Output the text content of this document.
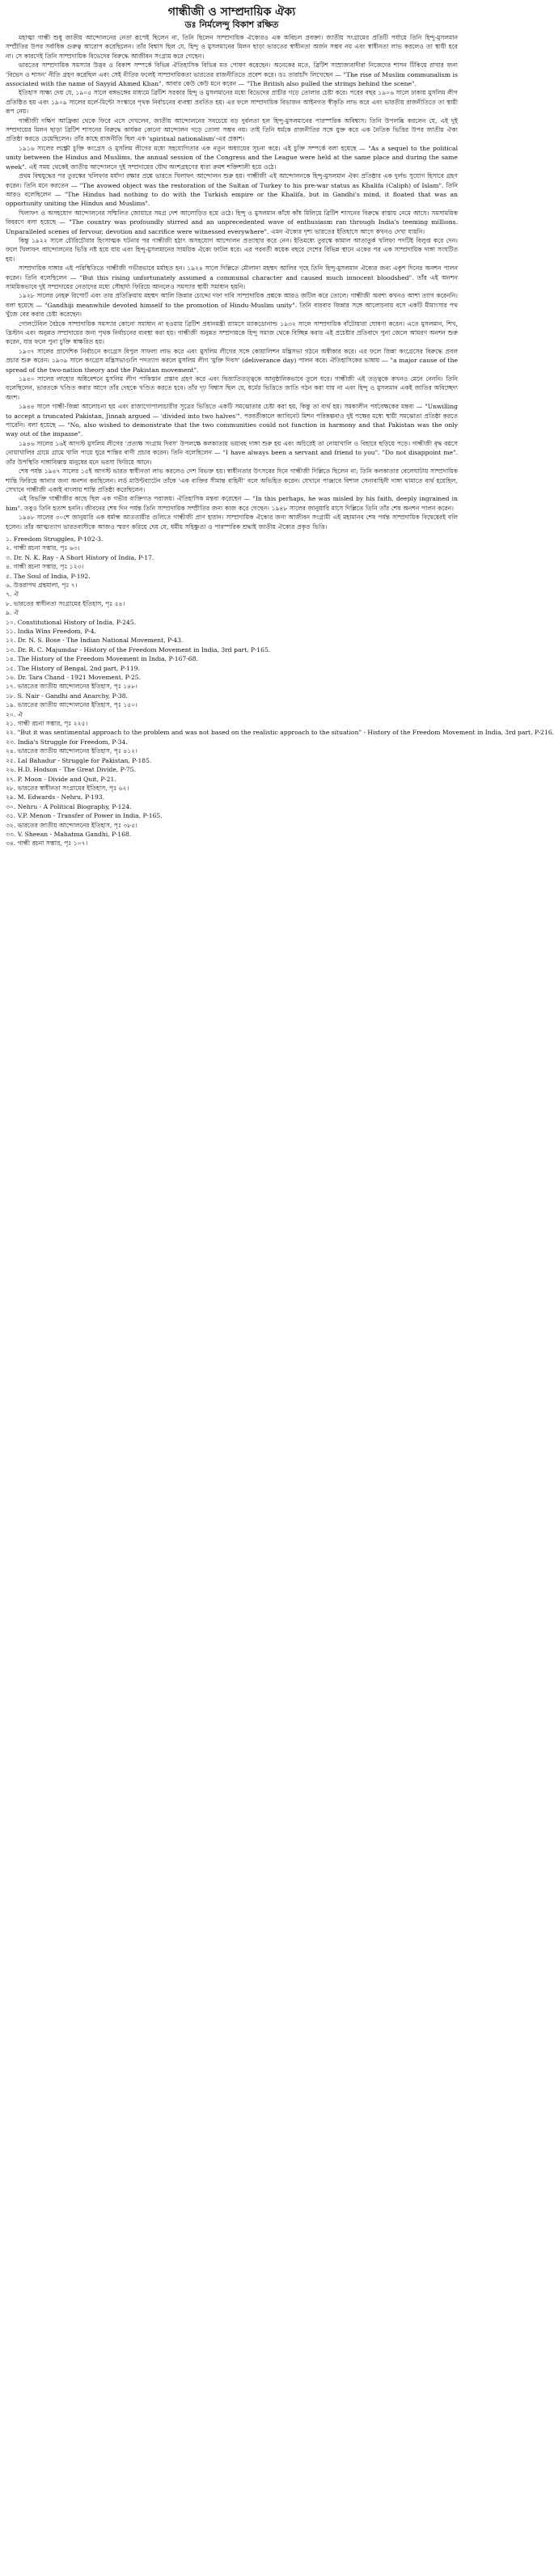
গান্ধীজী ও সাম্প্রদায়িক ঐক্য
ডঃ নির্মলেন্দু বিকাশ রক্ষিত

মহাত্মা গান্ধী শুধু জাতীয় আন্দোলনের নেতা রূপেই ছিলেন না, তিনি ছিলেন সাম্প্রদায়িক ঐক্যেরও এক অবিচল প্রবক্তা। জাতীয় সংগ্রামের প্রতিটি পর্যায়ে তিনি হিন্দু-মুসলমান সম্প্রীতির উপর সর্বাধিক গুরুত্ব আরোপ করেছিলেন। তাঁর বিশ্বাস ছিল যে, হিন্দু ও মুসলমানের মিলন ছাড়া ভারতের স্বাধীনতা অর্জন সম্ভব নয় এবং স্বাধীনতা লাভ করলেও তা স্থায়ী হবে না। সে কারণেই তিনি সাম্প্রদায়িক বিভেদের বিরুদ্ধে আজীবন সংগ্রাম করে গেছেন।

ভারতের সাম্প্রদায়িক সমস্যার উদ্ভব ও বিকাশ সম্পর্কে বিভিন্ন ঐতিহাসিক বিভিন্ন মত পোষণ করেছেন। অনেকের মতে, ব্রিটিশ সাম্রাজ্যবাদীরা নিজেদের শাসন টিকিয়ে রাখার জন্য 'বিভেদ ও শাসন' নীতি গ্রহণ করেছিল এবং সেই নীতির ফলেই সাম্প্রদায়িকতা ভারতের রাজনীতিতে প্রবেশ করে। ডঃ তারাচাঁদ লিখেছেন — "The rise of Muslim communalism is associated with the name of Sayyid Ahmed Khan". আবার কেউ কেউ মনে করেন — "The British also pulled the strings behind the scene".

ইতিহাস সাক্ষ্য দেয় যে, ১৯০৫ সালে বঙ্গভঙ্গের মাধ্যমে ব্রিটিশ সরকার হিন্দু ও মুসলমানের মধ্যে বিভেদের প্রাচীর গড়ে তোলার চেষ্টা করে। পরের বছর ১৯০৬ সালে ঢাকায় মুসলিম লীগ প্রতিষ্ঠিত হয় এবং ১৯০৯ সালের মর্লে-মিন্টো সংস্কারে পৃথক নির্বাচনের ব্যবস্থা প্রবর্তিত হয়। এর ফলে সাম্প্রদায়িক বিভাজন আইনগত স্বীকৃতি লাভ করে এবং ভারতীয় রাজনীতিতে তা স্থায়ী রূপ নেয়।

গান্ধীজী দক্ষিণ আফ্রিকা থেকে ফিরে এসে দেখলেন, জাতীয় আন্দোলনের সবচেয়ে বড় দুর্বলতা হল হিন্দু-মুসলমানের পারস্পরিক অবিশ্বাস। তিনি উপলব্ধি করলেন যে, এই দুই সম্প্রদায়ের মিলন ছাড়া ব্রিটিশ শাসনের বিরুদ্ধে কার্যকর কোনো আন্দোলন গড়ে তোলা সম্ভব নয়। তাই তিনি ধর্মকে রাজনীতির সঙ্গে যুক্ত করে এক নৈতিক ভিত্তির উপর জাতীয় ঐক্য প্রতিষ্ঠা করতে চেয়েছিলেন। তাঁর কাছে রাজনীতি ছিল এক 'spiritual nationalism'-এর প্রকাশ।

১৯১৬ সালের লক্ষ্ণৌ চুক্তি কংগ্রেস ও মুসলিম লীগের মধ্যে সহযোগিতার এক নতুন অধ্যায়ের সূচনা করে। এই চুক্তি সম্পর্কে বলা হয়েছে — "As a sequel to the political unity between the Hindus and Muslims, the annual session of the Congress and the League were held at the same place and during the same week". এই সময় থেকেই জাতীয় আন্দোলনে দুই সম্প্রদায়ের যৌথ অংশগ্রহণের ধারা ক্রমশ শক্তিশালী হয়ে ওঠে।

প্রথম বিশ্বযুদ্ধের পর তুরস্কের খলিফার মর্যাদা রক্ষার প্রশ্নে ভারতে খিলাফৎ আন্দোলন শুরু হয়। গান্ধীজী এই আন্দোলনকে হিন্দু-মুসলমান ঐক্য প্রতিষ্ঠার এক দুর্লভ সুযোগ হিসাবে গ্রহণ করেন। তিনি মনে করতেন — "The avowed object was the restoration of the Sultan of Turkey to his pre-war status as Khalifa (Caliph) of Islam". তিনি আরও বলেছিলেন — "The Hindus had nothing to do with the Turkish empire or the Khalifa, but in Gandhi's mind, it floated that was an opportunity uniting the Hindus and Muslims".

খিলাফৎ ও অসহযোগ আন্দোলনের সম্মিলিত জোয়ারে সমগ্র দেশ আলোড়িত হয়ে ওঠে। হিন্দু ও মুসলমান কাঁধে কাঁধ মিলিয়ে ব্রিটিশ শাসনের বিরুদ্ধে রাস্তায় নেমে আসে। সমসাময়িক বিবরণে বলা হয়েছে — "The country was profoundly stirred and an unprecedented wave of enthusiasm ran through India's teeming millions. Unparalleled scenes of fervour, devotion and sacrifice were witnessed everywhere". এমন ঐক্যের দৃশ্য ভারতের ইতিহাসে আগে কখনও দেখা যায়নি।

কিন্তু ১৯২২ সালে চৌরিচৌরার হিংসাত্মক ঘটনার পর গান্ধীজী হঠাৎ অসহযোগ আন্দোলন প্রত্যাহার করে নেন। ইতিমধ্যে তুরস্কে কামাল আতাতুর্ক খলিফা পদটিই বিলুপ্ত করে দেন। ফলে খিলাফৎ আন্দোলনের ভিত্তি নষ্ট হয়ে যায় এবং হিন্দু-মুসলমানের সাময়িক ঐক্যে ফাটল ধরে। এর পরবর্তী কয়েক বছরে দেশের বিভিন্ন স্থানে একের পর এক সাম্প্রদায়িক দাঙ্গা সংঘটিত হয়।

সাম্প্রদায়িক দাঙ্গার এই পরিস্থিতিতে গান্ধীজী গভীরভাবে মর্মাহত হন। ১৯২৪ সালে দিল্লিতে মৌলানা মহম্মদ আলির গৃহে তিনি হিন্দু-মুসলমান ঐক্যের জন্য একুশ দিনের অনশন পালন করেন। তিনি বলেছিলেন — "But this rising unfortunately assumed a communal character and caused much innocent bloodshed". তাঁর এই অনশন সাময়িকভাবে দুই সম্প্রদায়ের নেতাদের মধ্যে সৌহার্দ্য ফিরিয়ে আনলেও সমস্যার স্থায়ী সমাধান হয়নি।

১৯২৮ সালের নেহরু রিপোর্ট এবং তার প্রতিক্রিয়ায় মহম্মদ আলি জিন্নার চোদ্দো দফা দাবি সাম্প্রদায়িক প্রশ্নকে আরও জটিল করে তোলে। গান্ধীজী অবশ্য কখনও আশা ত্যাগ করেননি। বলা হয়েছে — "Gandhiji meanwhile devoted himself to the promotion of Hindu-Muslim unity". তিনি বারবার জিন্নার সঙ্গে আলোচনায় বসে একটি মীমাংসার পথ খুঁজে বের করার চেষ্টা করেছেন।

গোলটেবিল বৈঠকে সাম্প্রদায়িক সমস্যার কোনো সমাধান না হওয়ায় ব্রিটিশ প্রধানমন্ত্রী র‍্যামসে ম্যাকডোনাল্ড ১৯৩২ সালে সাম্প্রদায়িক বাঁটোয়ারা ঘোষণা করেন। এতে মুসলমান, শিখ, খ্রিস্টান এবং অনুন্নত সম্প্রদায়ের জন্য পৃথক নির্বাচনের ব্যবস্থা করা হয়। গান্ধীজী অনুন্নত সম্প্রদায়কে হিন্দু সমাজ থেকে বিচ্ছিন্ন করার এই প্রচেষ্টার প্রতিবাদে পুনা জেলে আমরণ অনশন শুরু করেন, যার ফলে পুনা চুক্তি স্বাক্ষরিত হয়।

১৯৩৭ সালের প্রাদেশিক নির্বাচনে কংগ্রেস বিপুল সাফল্য লাভ করে এবং মুসলিম লীগের সঙ্গে কোয়ালিশন মন্ত্রিসভা গঠনে অস্বীকার করে। এর ফলে জিন্না কংগ্রেসের বিরুদ্ধে প্রবল প্রচার শুরু করেন। ১৯৩৯ সালে কংগ্রেস মন্ত্রিসভাগুলি পদত্যাগ করলে মুসলিম লীগ 'মুক্তি দিবস' (deliverance day) পালন করে। ঐতিহাসিকের ভাষায় — "a major cause of the spread of the two-nation theory and the Pakistan movement".

১৯৪০ সালের লাহোর অধিবেশনে মুসলিম লীগ পাকিস্তান প্রস্তাব গ্রহণ করে এবং দ্বিজাতিতত্ত্বকে আনুষ্ঠানিকভাবে তুলে ধরে। গান্ধীজী এই তত্ত্বকে কখনও মেনে নেননি। তিনি বলেছিলেন, ভারতকে খণ্ডিত করার আগে তাঁর দেহকে খণ্ডিত করতে হবে। তাঁর দৃঢ় বিশ্বাস ছিল যে, ধর্মের ভিত্তিতে জাতি গঠন করা যায় না এবং হিন্দু ও মুসলমান একই জাতির অবিচ্ছেদ্য অংশ।

১৯৪৪ সালে গান্ধী-জিন্না আলোচনা হয় এবং রাজাগোপালাচারীর সূত্রের ভিত্তিতে একটি সমঝোতার চেষ্টা করা হয়, কিন্তু তা ব্যর্থ হয়। সমকালীন পর্যবেক্ষকের মন্তব্য — "Unwilling to accept a truncated Pakistan, Jinnah argued — 'divided into two halves'". পরবর্তীকালে ক্যাবিনেট মিশন পরিকল্পনাও দুই পক্ষের মধ্যে স্থায়ী সমঝোতা প্রতিষ্ঠা করতে পারেনি। বলা হয়েছে — "No, also wished to demonstrate that the two communities could not function in harmony and that Pakistan was the only way out of the impasse".

১৯৪৬ সালের ১৬ই আগস্ট মুসলিম লীগের 'প্রত্যক্ষ সংগ্রাম দিবস' উপলক্ষে কলকাতায় ভয়াবহ দাঙ্গা শুরু হয় এবং অচিরেই তা নোয়াখালি ও বিহারে ছড়িয়ে পড়ে। গান্ধীজী বৃদ্ধ বয়সে নোয়াখালির গ্রামে গ্রামে খালি পায়ে ঘুরে শান্তির বাণী প্রচার করেন। তিনি বলেছিলেন — "I have always been a servant and friend to you". "Do not disappoint me". তাঁর উপস্থিতি দাঙ্গাবিধ্বস্ত মানুষের মনে ভরসা ফিরিয়ে আনে।

শেষ পর্যন্ত ১৯৪৭ সালের ১৫ই আগস্ট ভারত স্বাধীনতা লাভ করলেও দেশ বিভক্ত হয়। স্বাধীনতার উৎসবের দিনে গান্ধীজী দিল্লিতে ছিলেন না; তিনি কলকাতার বেলেঘাটায় সাম্প্রদায়িক শান্তি ফিরিয়ে আনার জন্য অনশন করছিলেন। লর্ড মাউন্টব্যাটেন তাঁকে 'এক ব্যক্তির সীমান্ত বাহিনী' বলে অভিহিত করেন। যেখানে পাঞ্জাবে বিশাল সেনাবাহিনী দাঙ্গা থামাতে ব্যর্থ হয়েছিল, সেখানে গান্ধীজী একাই বাংলায় শান্তি প্রতিষ্ঠা করেছিলেন।

এই বিভক্তি গান্ধীজীর কাছে ছিল এক গভীর ব্যক্তিগত পরাজয়। ঐতিহাসিক মন্তব্য করেছেন — "In this perhaps, he was misled by his faith, deeply ingrained in him". তবুও তিনি হতাশ হননি। জীবনের শেষ দিন পর্যন্ত তিনি সাম্প্রদায়িক সম্প্রীতির জন্য কাজ করে গেছেন। ১৯৪৮ সালের জানুয়ারি মাসে দিল্লিতে তিনি তাঁর শেষ অনশন পালন করেন।

১৯৪৮ সালের ৩০শে জানুয়ারি এক ধর্মান্ধ আততায়ীর গুলিতে গান্ধীজী প্রাণ হারান। সাম্প্রদায়িক ঐক্যের জন্য আজীবন সংগ্রামী এই মহামানব শেষ পর্যন্ত সাম্প্রদায়িক বিদ্বেষেরই বলি হলেন। তাঁর আত্মত্যাগ ভারতবাসীকে আজও স্মরণ করিয়ে দেয় যে, ধর্মীয় সহিষ্ণুতা ও পারস্পরিক শ্রদ্ধাই জাতীয় ঐক্যের প্রকৃত ভিত্তি।

১. Freedom Struggles, P-102-3.
২. গান্ধী রচনা সম্ভার, পৃঃ ৬৩।
৩. Dr. N. K. Ray - A Short History of India, P-17.
৪. গান্ধী রচনা সম্ভার, পৃঃ ১২৩।
৫. The Soul of India, P-192.
৬. উত্তরাপথ গ্রন্থমালা, পৃঃ ৭।
৭. ঐ
৮. ভারতের স্বাধীনতা সংগ্রামের ইতিহাস, পৃঃ ৫৪।
৯. ঐ
১০. Constitutional History of India, P-245.
১১. India Wins Freedom, P-4.
১২. Dr. N. S. Bose - The Indian National Movement, P-43.
১৩. Dr. R. C. Majumdar - History of the Freedom Movement in India, 3rd part, P-165.
১৪. The History of the Freedom Movement in India, P-167-68.
১৫. The History of Bengal, 2nd part, P-119.
১৬. Dr. Tara Chand - 1921 Movement, P-25.
১৭. ভারতের জাতীয় আন্দোলনের ইতিহাস, পৃঃ ১৪৮।
১৮. S. Nair - Gandhi and Anarchy, P-38.
১৯. ভারতের জাতীয় আন্দোলনের ইতিহাস, পৃঃ ১৫০।
২০. ঐ
২১. গান্ধী রচনা সম্ভার, পৃঃ ২২৫।
২২. "But it was sentimental approach to the problem and was not based on the realistic approach to the situation" - History of the Freedom Movement in India, 3rd part, P-216.
২৩. India's Struggle for Freedom, P-34.
২৪. ভারতের জাতীয় আন্দোলনের ইতিহাস, পৃঃ ৪১২।
২৫. Lal Bahadur - Struggle for Pakistan, P-185.
২৬. H.D. Hodson - The Great Divide, P-75.
২৭. P. Moon - Divide and Quit, P-21.
২৮. ভারতের স্বাধীনতা সংগ্রামের ইতিহাস, পৃঃ ৬২।
২৯. M. Edwards - Nehru, P-193.
৩০. Nehru - A Political Biography, P-124.
৩১. V.P. Menon - Transfer of Power in India, P-165.
৩২. ভারতের জাতীয় আন্দোলনের ইতিহাস, পৃঃ ৩৮৫।
৩৩. V. Sheean - Mahatma Gandhi, P-168.
৩৪. গান্ধী রচনা সম্ভার, পৃঃ ১০৭।
